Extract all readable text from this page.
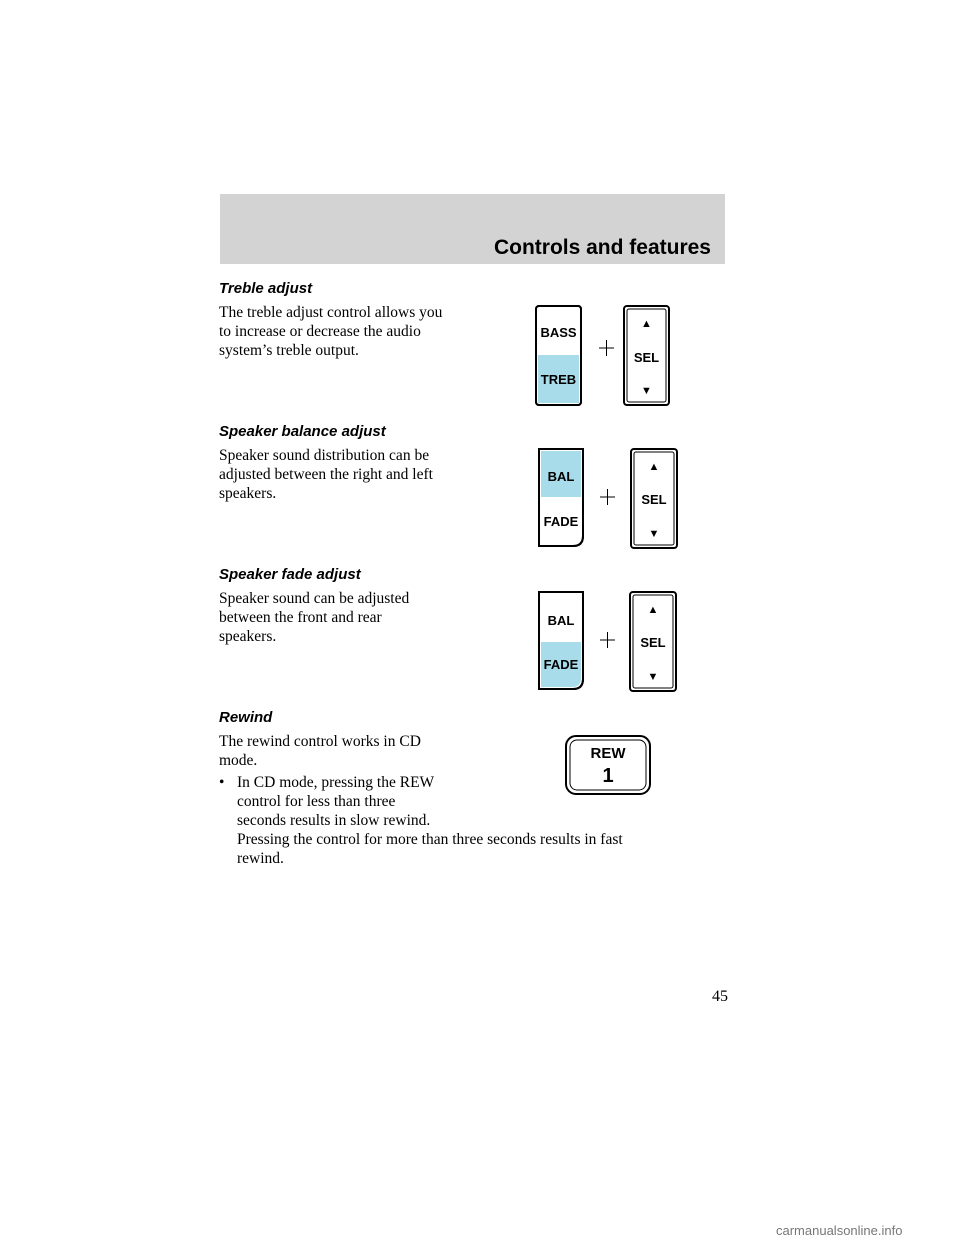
Controls and features
Treble adjust
The treble adjust control allows you
to increase or decrease the audio
system’s treble output.
BASS
TREB
▲
SEL
▼
Speaker balance adjust
Speaker sound distribution can be
adjusted between the right and left
speakers.
BAL
FADE
▲
SEL
▼
Speaker fade adjust
Speaker sound can be adjusted
between the front and rear
speakers.
BAL
FADE
▲
SEL
▼
Rewind
The rewind control works in CD
mode.
• In CD mode, pressing the REW
control for less than three
seconds results in slow rewind.
Pressing the control for more than three seconds results in fast
rewind.
REW
1
45
carmanualsonline.info
